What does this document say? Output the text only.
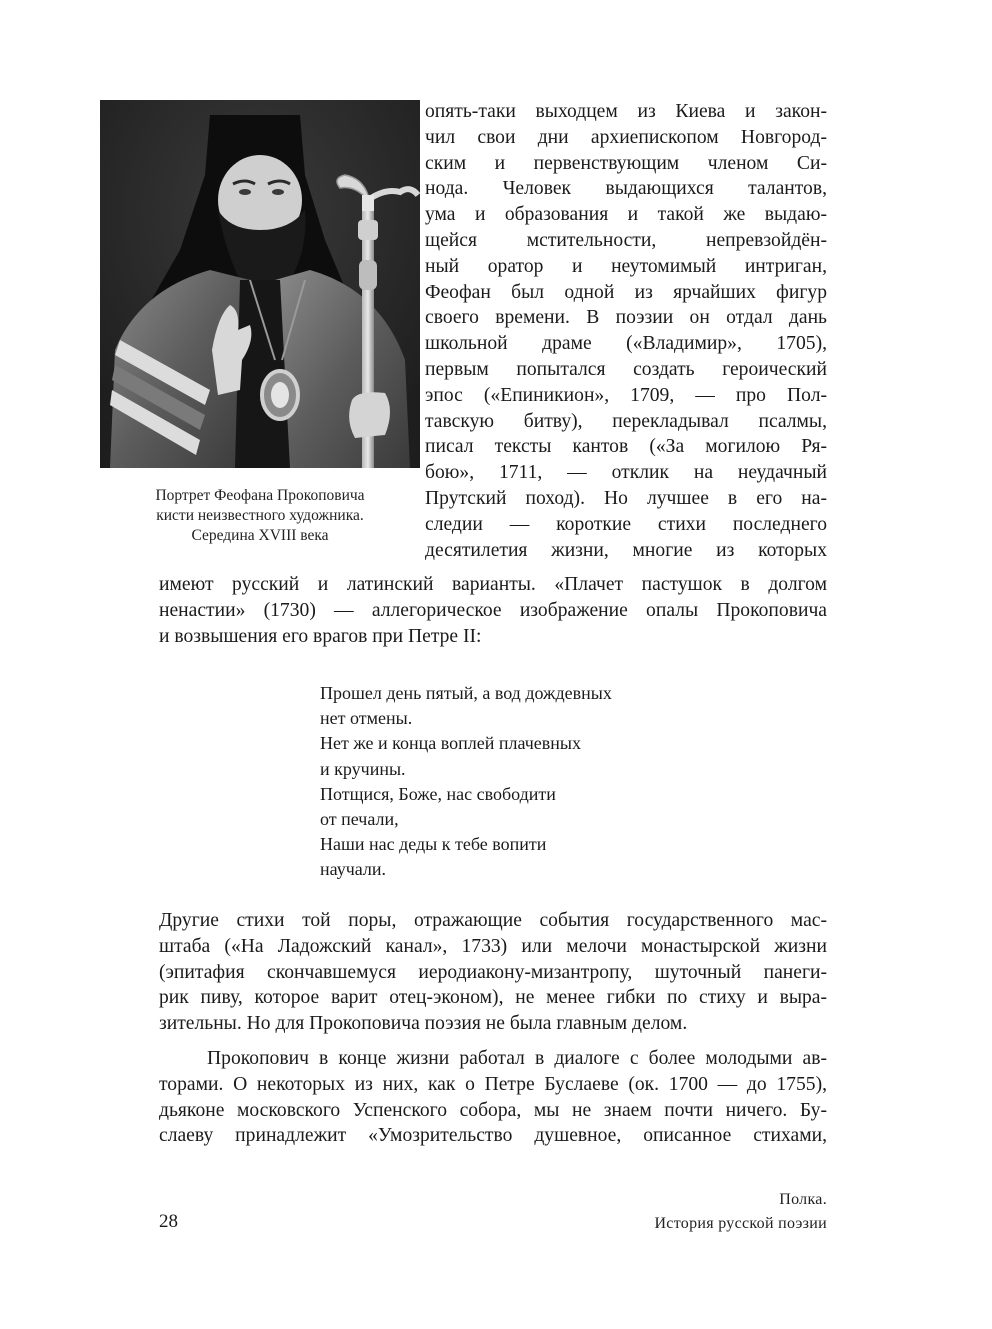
Портрет Феофана Прокоповича
кисти неизвестного художника.
Середина XVIII века
опять-таки выходцем из Киева и закон-
чил свои дни архиепископом Новгород-
ским и первенствующим членом Си-
нода. Человек выдающихся талантов,
ума и образования и такой же выдаю-
щейся мстительности, непревзойдён-
ный оратор и неутомимый интриган,
Феофан был одной из ярчайших фигур
своего времени. В поэзии он отдал дань
школьной драме («Владимир», 1705),
первым попытался создать героический
эпос («Епиникион», 1709, — про Пол-
тавскую битву), перекладывал псалмы,
писал тексты кантов («За могилою Ря-
бою», 1711, — отклик на неудачный
Прутский поход). Но лучшее в его на-
следии — короткие стихи последнего
десятилетия жизни, многие из которых
имеют русский и латинский варианты. «Плачет пастушок в долгом
ненастии» (1730) — аллегорическое изображение опалы Прокоповича
и возвышения его врагов при Петре II:
Прошел день пятый, а вод дождевных
нет отмены.
Нет же и конца воплей плачевных
и кручины.
Потщися, Боже, нас свободити
от печали,
Наши нас деды к тебе вопити
научали.
Другие стихи той поры, отражающие события государственного мас-
штаба («На Ладожский канал», 1733) или мелочи монастырской жизни
(эпитафия скончавшемуся иеродиакону-мизантропу, шуточный панеги-
рик пиву, которое варит отец-эконом), не менее гибки по стиху и выра-
зительны. Но для Прокоповича поэзия не была главным делом.
Прокопович в конце жизни работал в диалоге с более молодыми ав-
торами. О некоторых из них, как о Петре Буслаеве (ок. 1700 — до 1755),
дьяконе московского Успенского собора, мы не знаем почти ничего. Бу-
слаеву принадлежит «Умозрительство душевное, описанное стихами,
28
Полка.
История русской поэзии
